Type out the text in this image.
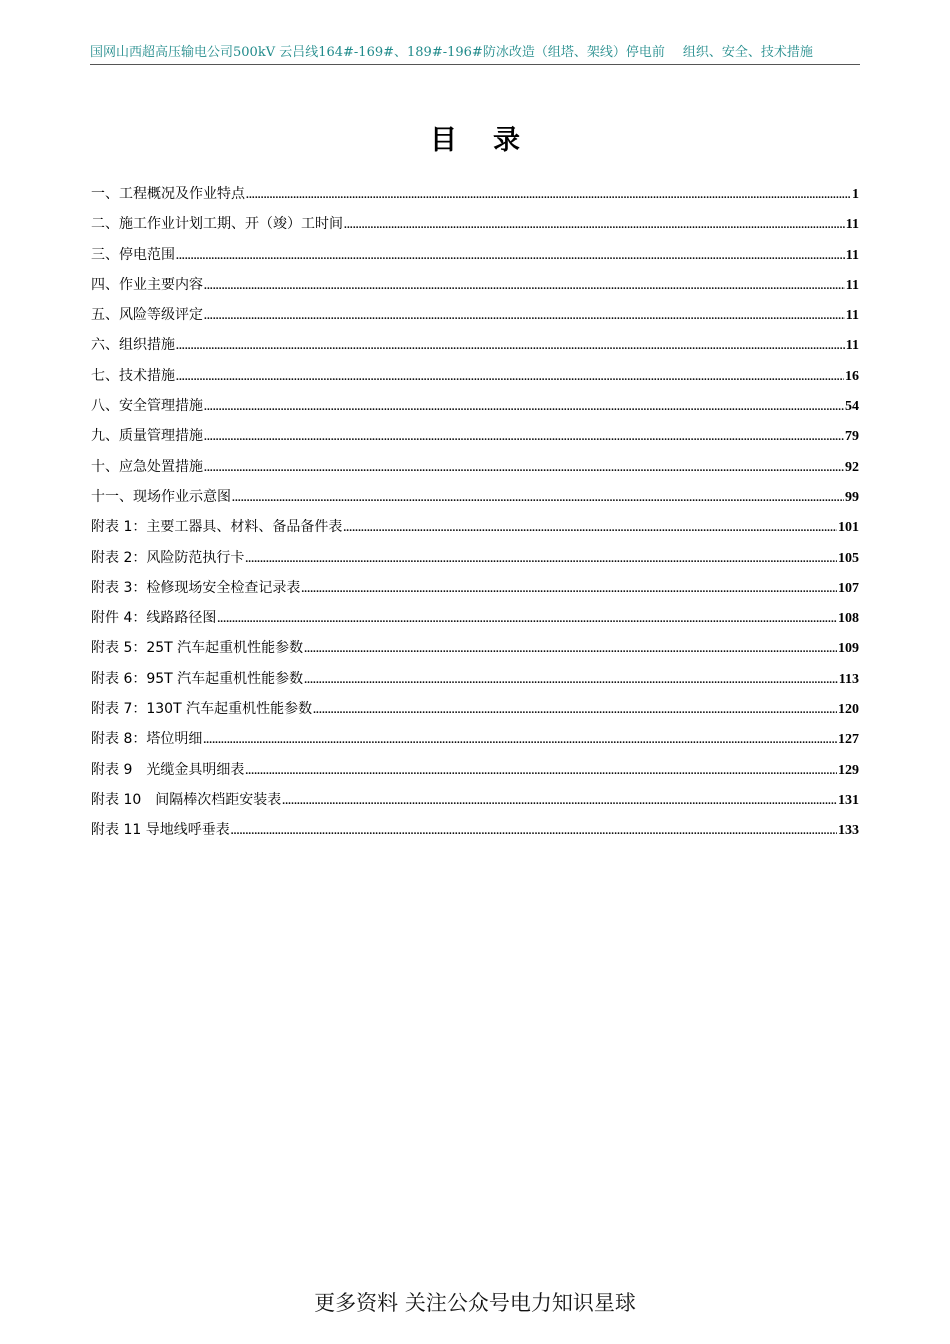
国网山西超高压输电公司500kV 云吕线164#-169#、189#-196#防冰改造（组塔、架线）停电前 组织、安全、技术措施
目 录
一、工程概况及作业特点 .....	1
二、施工作业计划工期、开（竣）工时间 .....	11
三、停电范围 .....	11
四、作业主要内容 .....	11
五、风险等级评定 .....	11
六、组织措施 .....	11
七、技术措施 .....	16
八、安全管理措施 .....	54
九、质量管理措施 .....	79
十、应急处置措施 .....	92
十一、现场作业示意图 .....	99
附表 1：主要工器具、材料、备品备件表 .....	101
附表 2：风险防范执行卡 .....	105
附表 3：检修现场安全检查记录表 .....	107
附件 4：线路路径图 .....	108
附表 5：25T 汽车起重机性能参数 .....	109
附表 6：95T 汽车起重机性能参数 .....	113
附表 7：130T 汽车起重机性能参数 .....	120
附表 8：塔位明细 .....	127
附表 9　光缆金具明细表 .....	129
附表 10　间隔棒次档距安装表 .....	131
附表 11 导地线呼垂表 .....	133
更多资料 关注公众号电力知识星球
